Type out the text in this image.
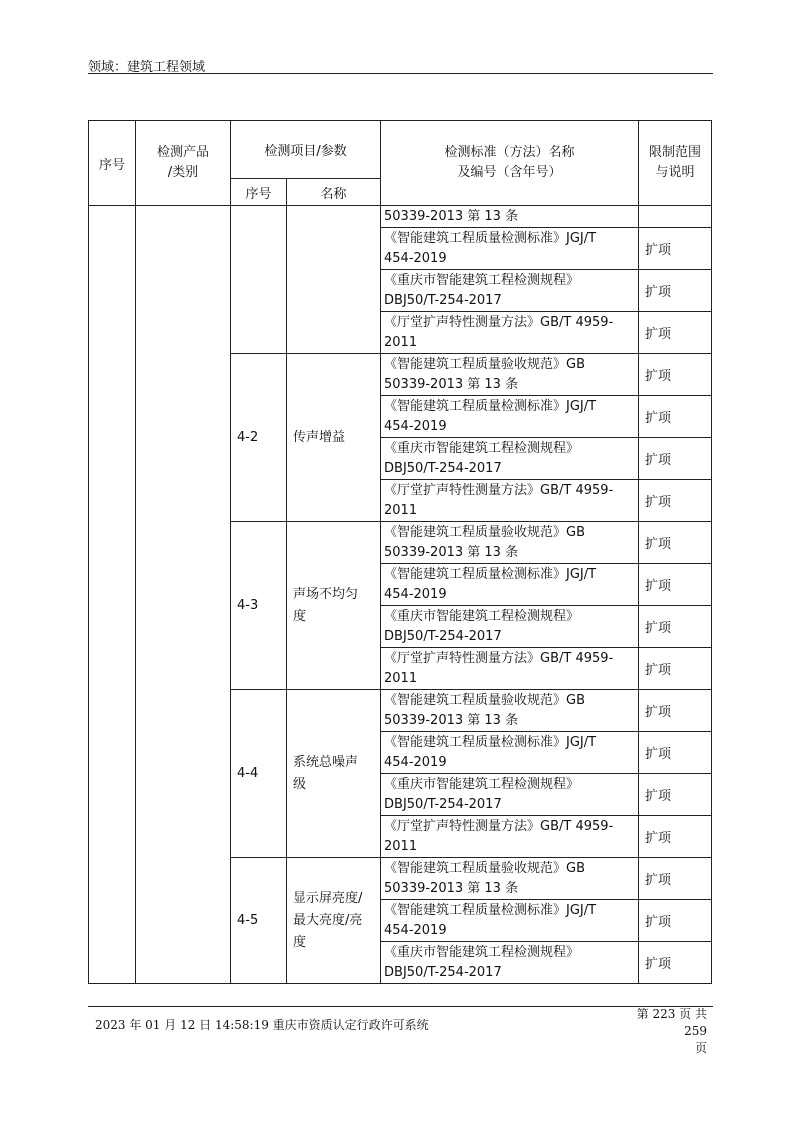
领域：建筑工程领域
序号	检测产品
/类别	检测项目/参数		检测标准（方法）名称
及编号（含年号）	限制范围
与说明
		序号	名称		
				50339-2013 第 13 条	
				《智能建筑工程质量检测标准》JGJ/T
454-2019	扩项
				《重庆市智能建筑工程检测规程》
DBJ50/T-254-2017	扩项
				《厅堂扩声特性测量方法》GB/T 4959-
2011	扩项
		4-2	传声增益	《智能建筑工程质量验收规范》GB
50339-2013 第 13 条	扩项
				《智能建筑工程质量检测标准》JGJ/T
454-2019	扩项
				《重庆市智能建筑工程检测规程》
DBJ50/T-254-2017	扩项
				《厅堂扩声特性测量方法》GB/T 4959-
2011	扩项
		4-3	声场不均匀
度	《智能建筑工程质量验收规范》GB
50339-2013 第 13 条	扩项
				《智能建筑工程质量检测标准》JGJ/T
454-2019	扩项
				《重庆市智能建筑工程检测规程》
DBJ50/T-254-2017	扩项
				《厅堂扩声特性测量方法》GB/T 4959-
2011	扩项
		4-4	系统总噪声
级	《智能建筑工程质量验收规范》GB
50339-2013 第 13 条	扩项
				《智能建筑工程质量检测标准》JGJ/T
454-2019	扩项
				《重庆市智能建筑工程检测规程》
DBJ50/T-254-2017	扩项
				《厅堂扩声特性测量方法》GB/T 4959-
2011	扩项
		4-5	显示屏亮度/
最大亮度/亮
度	《智能建筑工程质量验收规范》GB
50339-2013 第 13 条	扩项
				《智能建筑工程质量检测标准》JGJ/T
454-2019	扩项
				《重庆市智能建筑工程检测规程》
DBJ50/T-254-2017	扩项
2023 年 01 月 12 日 14:58:19 重庆市资质认定行政许可系统
第 223 页 共 259
页
